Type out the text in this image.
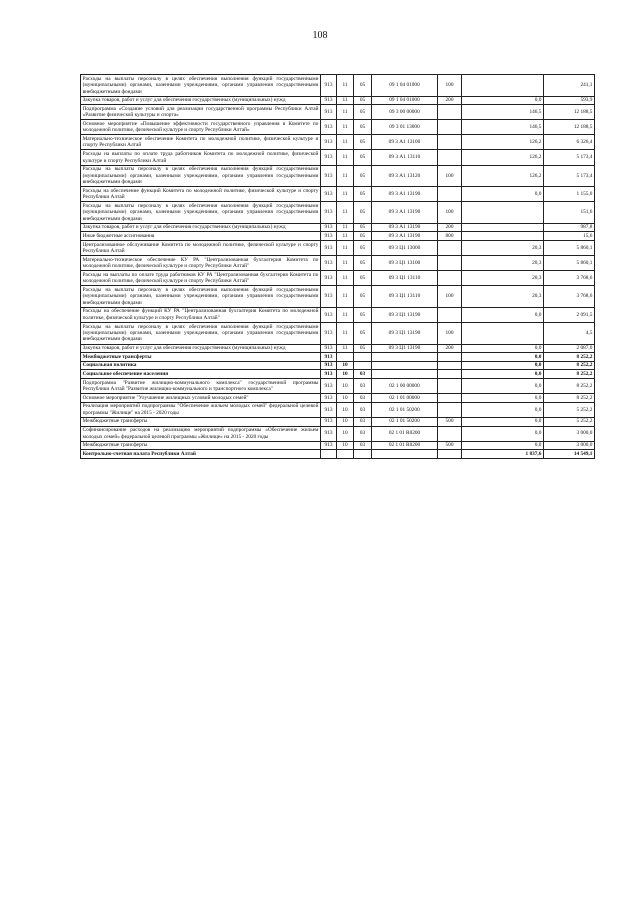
108
Расходы на выплаты персоналу в целях обеспечения выполнения функций государственными (муниципальными) органами, казенными учреждениями, органами управления государственными внебюджетными фондами	913	11	05	09 1 04 01000	100		241,1
Закупка товаров, работ и услуг для обеспечения государственных (муниципальных) нужд	913	11	05	09 1 04 01000	200	0,0	593,9
Подпрограмма «Создание условий для реализации государственной программы Республики Алтай «Развитие физической культуры и спорта»	913	11	05	09 3 00 00000		146,5	12 188,5
Основное мероприятие «Повышение эффективности государственного управления в Комитете по молодежной политике, физической культуре и спорту Республики Алтай»	913	11	05	09 3 01 13000		146,5	12 188,5
Материально-техническое обеспечение Комитета по молодежной политике, физической культуре и спорту Республики Алтай	913	11	05	09 3 А1 13100		126,2	6 326,4
Расходы на выплаты по оплате труда работников Комитета по молодежной политике, физической культуре и спорту Республики Алтай	913	11	05	09 3 А1 13110		126,2	5 173,4
Расходы на выплаты персоналу в целях обеспечения выполнения функций государственными (муниципальными) органами, казенными учреждениями, органами управления государственными внебюджетными фондами	913	11	05	09 3 А1 13120	100	126,2	5 173,4
Расходы на обеспечение функций Комитета по молодежной политике, физической культуре и спорту Республики Алтай	913	11	05	09 3 А1 13190		0,0	1 155,0
Расходы на выплаты персоналу в целях обеспечения выполнения функций государственными (муниципальными) органами, казенными учреждениями, органами управления государственными внебюджетными фондами	913	11	05	09 3 А1 13190	100		151,6
Закупка товаров, работ и услуг для обеспечения государственных (муниципальных) нужд	913	11	05	09 3 А1 13190	200		987,8
Иные бюджетные ассигнования	913	11	05	09 3 А1 13190	800		15,6
Централизованное обслуживание Комитета по молодежной политике, физической культуре и спорту Республики Алтай	913	11	05	09 3 Ц1 13000		20,3	5 860,1
Материально-техническое обеспечение КУ РА "Централизованная бухгалтерия Комитета по молодежной политике, физической культуре и спорту Республики Алтай"	913	11	05	09 3 Ц1 13100		20,3	5 860,1
Расходы на выплаты по оплате труда работников КУ РА "Централизованная бухгалтерия Комитета по молодежной политике, физической культуре и спорту Республики Алтай"	913	11	05	09 3 Ц1 13110		20,3	3 768,6
Расходы на выплаты персоналу в целях обеспечения выполнения функций государственными (муниципальными) органами, казенными учреждениями, органами управления государственными внебюджетными фондами	913	11	05	09 3 Ц1 13110	100	20,3	3 768,6
Расходы на обеспечение функций КУ РА "Централизованная бухгалтерия Комитета по молодежной политике, физической культуре и спорту Республики Алтай"	913	11	05	09 3 Ц1 13190		0,0	2 091,5
Расходы на выплаты персоналу в целях обеспечения выполнения функций государственными (муниципальными) органами, казенными учреждениями, органами управления государственными внебюджетными фондами	913	11	05	09 3 Ц1 13190	100		4,5
Закупка товаров, работ и услуг для обеспечения государственных (муниципальных) нужд	913	11	05	09 3 Ц1 13190	200	0,0	2 087,0
Межбюджетные трансферты	913					0,0	8 252,2
Социальная политика	913	10				0,0	8 252,2
Социальное обеспечение населения	913	10	03			0,0	8 252,2
Подпрограмма "Развитие жилищно-коммунального комплекса" государственной программы Республики Алтай "Развитие жилищно-коммунального и транспортного комплекса"	913	10	03	02 1 00 00000		0,0	8 252,2
Основное мероприятие "Улучшение жилищных условий молодых семей"	913	10	03	02 1 01 00000		0,0	8 252,2
Реализация мероприятий подпрограммы "Обеспечение жильем молодых семей" федеральной целевой программы "Жилище" на 2015 - 2020 годы	913	10	03	02 1 01 50200		0,0	5 252,2
Межбюджетные трансферты	913	10	03	02 1 01 50200	500	0,0	5 252,2
Софинансирование расходов на реализацию мероприятий подпрограммы «Обеспечение жильем молодых семей» федеральной целевой программы «Жилище» на 2015 - 2020 годы	913	10	03	02 1 01 R0200		0,0	3 000,0
Межбюджетные трансферты	913	10	03	02 1 01 R0200	500	0,0	3 000,0
Контрольно-счетная палата Республики Алтай						1 837,6	14 549,1
